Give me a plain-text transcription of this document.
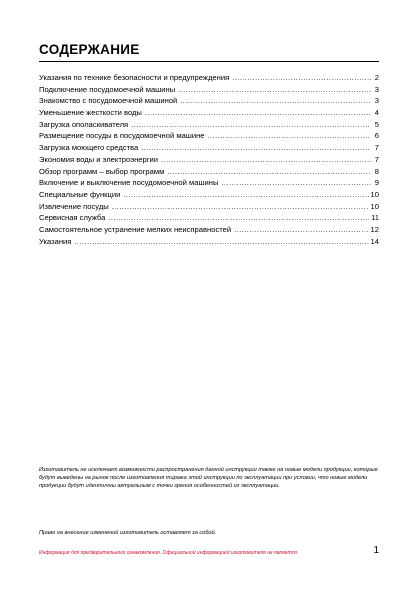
СОДЕРЖАНИЕ
Указания по технике безопасности и предупреждения .....	2
Подключение посудомоечной машины .....	3
Знакомство с посудомоечной машиной .....	3
Уменьшение жесткости воды .....	4
Загрузка ополаскивателя .....	5
Размещение посуды в посудомоечной машине .....	6
Загрузка моющего средства .....	7
Экономия воды и электроэнергии .....	7
Обзор программ – выбор программ .....	8
Включение и выключение посудомоечной машины .....	9
Специальные функции .....	10
Извлечение посуды .....	10
Сервисная служба .....	11
Самостоятельное устранение мелких неисправностей .....	12
Указания .....	14

Изготовитель не исключает возможности распространения данной инструкции также на новые модели продукции, которые будут выведены на рынок после изготовления тиража этой инструкции по эксплуатации при условии, что новые модели продукции будут идентичны актуальным с точки зрения особенностей их эксплуатации.

Право на внесение изменений изготовитель оставляет за собой.

Информация для предварительного ознакомления. Официальной информацией изготовителя не является.	1
